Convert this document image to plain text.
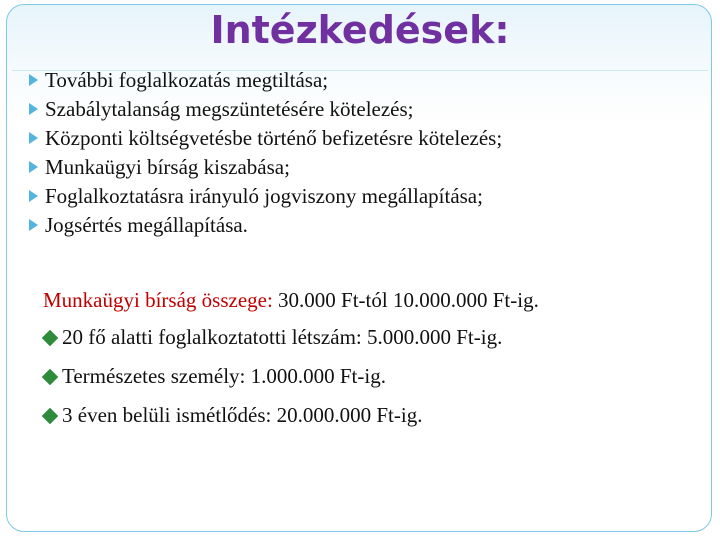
Intézkedések:
További foglalkozatás megtiltása;
Szabálytalanság megszüntetésére kötelezés;
Központi költségvetésbe történő befizetésre kötelezés;
Munkaügyi bírság kiszabása;
Foglalkoztatásra irányuló jogviszony megállapítása;
Jogsértés megállapítása.
Munkaügyi bírság összege: 30.000 Ft-tól 10.000.000 Ft-ig.
20 fő alatti foglalkoztatotti létszám: 5.000.000 Ft-ig.
Természetes személy: 1.000.000 Ft-ig.
3 éven belüli ismétlődés: 20.000.000 Ft-ig.
